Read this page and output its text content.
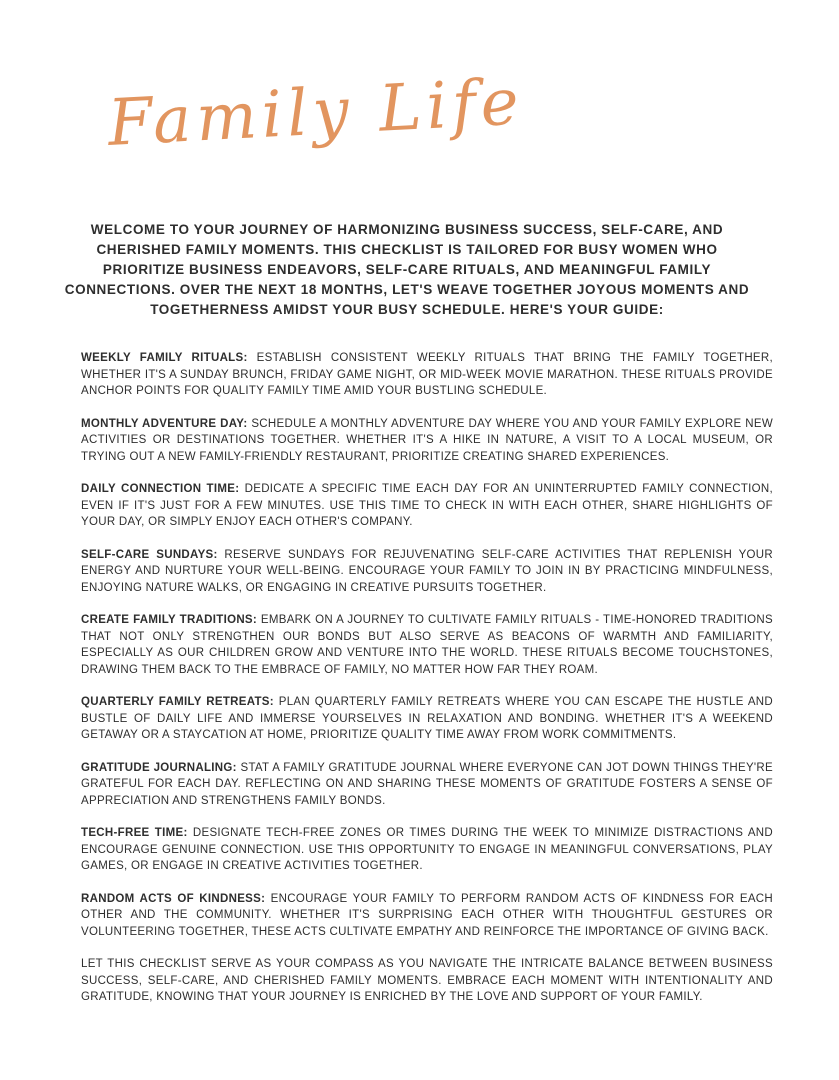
Family Life
WELCOME TO YOUR JOURNEY OF HARMONIZING BUSINESS SUCCESS, SELF-CARE, AND CHERISHED FAMILY MOMENTS. THIS CHECKLIST IS TAILORED FOR BUSY WOMEN WHO PRIORITIZE BUSINESS ENDEAVORS, SELF-CARE RITUALS, AND MEANINGFUL FAMILY CONNECTIONS. OVER THE NEXT 18 MONTHS, LET'S WEAVE TOGETHER JOYOUS MOMENTS AND TOGETHERNESS AMIDST YOUR BUSY SCHEDULE. HERE'S YOUR GUIDE:

WEEKLY FAMILY RITUALS: ESTABLISH CONSISTENT WEEKLY RITUALS THAT BRING THE FAMILY TOGETHER, WHETHER IT'S A SUNDAY BRUNCH, FRIDAY GAME NIGHT, OR MID-WEEK MOVIE MARATHON. THESE RITUALS PROVIDE ANCHOR POINTS FOR QUALITY FAMILY TIME AMID YOUR BUSTLING SCHEDULE.

MONTHLY ADVENTURE DAY: SCHEDULE A MONTHLY ADVENTURE DAY WHERE YOU AND YOUR FAMILY EXPLORE NEW ACTIVITIES OR DESTINATIONS TOGETHER. WHETHER IT'S A HIKE IN NATURE, A VISIT TO A LOCAL MUSEUM, OR TRYING OUT A NEW FAMILY-FRIENDLY RESTAURANT, PRIORITIZE CREATING SHARED EXPERIENCES.

DAILY CONNECTION TIME: DEDICATE A SPECIFIC TIME EACH DAY FOR AN UNINTERRUPTED FAMILY CONNECTION, EVEN IF IT'S JUST FOR A FEW MINUTES. USE THIS TIME TO CHECK IN WITH EACH OTHER, SHARE HIGHLIGHTS OF YOUR DAY, OR SIMPLY ENJOY EACH OTHER'S COMPANY.

SELF-CARE SUNDAYS: RESERVE SUNDAYS FOR REJUVENATING SELF-CARE ACTIVITIES THAT REPLENISH YOUR ENERGY AND NURTURE YOUR WELL-BEING. ENCOURAGE YOUR FAMILY TO JOIN IN BY PRACTICING MINDFULNESS, ENJOYING NATURE WALKS, OR ENGAGING IN CREATIVE PURSUITS TOGETHER.

CREATE FAMILY TRADITIONS: EMBARK ON A JOURNEY TO CULTIVATE FAMILY RITUALS - TIME-HONORED TRADITIONS THAT NOT ONLY STRENGTHEN OUR BONDS BUT ALSO SERVE AS BEACONS OF WARMTH AND FAMILIARITY, ESPECIALLY AS OUR CHILDREN GROW AND VENTURE INTO THE WORLD. THESE RITUALS BECOME TOUCHSTONES, DRAWING THEM BACK TO THE EMBRACE OF FAMILY, NO MATTER HOW FAR THEY ROAM.

QUARTERLY FAMILY RETREATS: PLAN QUARTERLY FAMILY RETREATS WHERE YOU CAN ESCAPE THE HUSTLE AND BUSTLE OF DAILY LIFE AND IMMERSE YOURSELVES IN RELAXATION AND BONDING. WHETHER IT'S A WEEKEND GETAWAY OR A STAYCATION AT HOME, PRIORITIZE QUALITY TIME AWAY FROM WORK COMMITMENTS.

GRATITUDE JOURNALING: STAT A FAMILY GRATITUDE JOURNAL WHERE EVERYONE CAN JOT DOWN THINGS THEY'RE GRATEFUL FOR EACH DAY. REFLECTING ON AND SHARING THESE MOMENTS OF GRATITUDE FOSTERS A SENSE OF APPRECIATION AND STRENGTHENS FAMILY BONDS.

TECH-FREE TIME: DESIGNATE TECH-FREE ZONES OR TIMES DURING THE WEEK TO MINIMIZE DISTRACTIONS AND ENCOURAGE GENUINE CONNECTION. USE THIS OPPORTUNITY TO ENGAGE IN MEANINGFUL CONVERSATIONS, PLAY GAMES, OR ENGAGE IN CREATIVE ACTIVITIES TOGETHER.

RANDOM ACTS OF KINDNESS: ENCOURAGE YOUR FAMILY TO PERFORM RANDOM ACTS OF KINDNESS FOR EACH OTHER AND THE COMMUNITY. WHETHER IT'S SURPRISING EACH OTHER WITH THOUGHTFUL GESTURES OR VOLUNTEERING TOGETHER, THESE ACTS CULTIVATE EMPATHY AND REINFORCE THE IMPORTANCE OF GIVING BACK.

LET THIS CHECKLIST SERVE AS YOUR COMPASS AS YOU NAVIGATE THE INTRICATE BALANCE BETWEEN BUSINESS SUCCESS, SELF-CARE, AND CHERISHED FAMILY MOMENTS. EMBRACE EACH MOMENT WITH INTENTIONALITY AND GRATITUDE, KNOWING THAT YOUR JOURNEY IS ENRICHED BY THE LOVE AND SUPPORT OF YOUR FAMILY.
